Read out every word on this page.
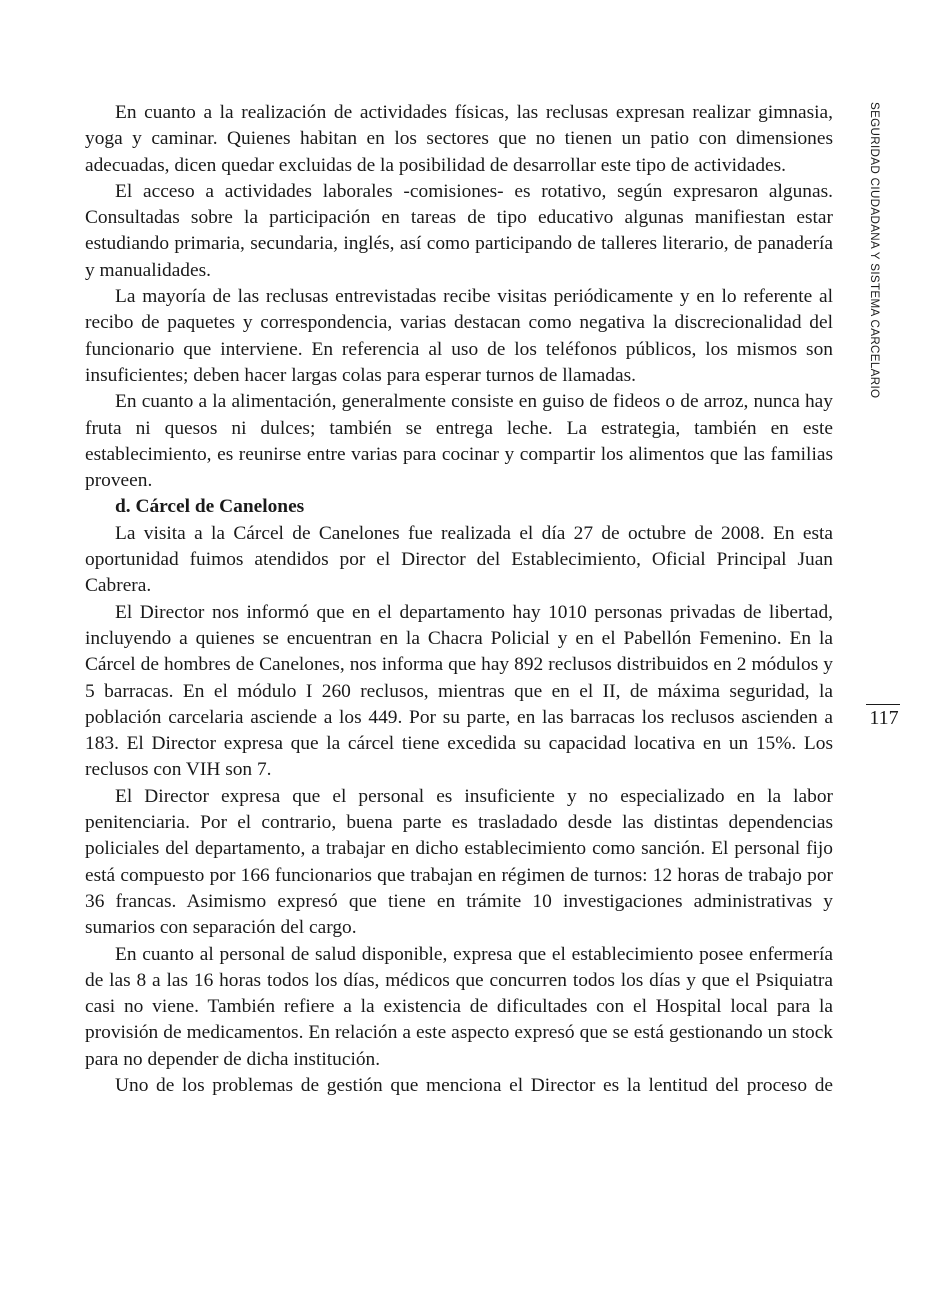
En cuanto a la realización de actividades físicas, las reclusas expresan realizar gimnasia, yoga y caminar. Quienes habitan en los sectores que no tienen un patio con dimensiones adecuadas, dicen quedar excluidas de la posibilidad de desarrollar este tipo de actividades.

El acceso a actividades laborales -comisiones- es rotativo, según expresaron algunas. Consultadas sobre la participación en tareas de tipo educativo algunas manifiestan estar estudiando primaria, secundaria, inglés, así como participando de talleres literario, de panadería y manualidades.

La mayoría de las reclusas entrevistadas recibe visitas periódicamente y en lo referente al recibo de paquetes y correspondencia, varias destacan como negativa la discrecionalidad del funcionario que interviene. En referencia al uso de los teléfonos públicos, los mismos son insuficientes; deben hacer largas colas para esperar turnos de llamadas.

En cuanto a la alimentación, generalmente consiste en guiso de fideos o de arroz, nunca hay fruta ni quesos ni dulces; también se entrega leche. La estrategia, también en este establecimiento, es reunirse entre varias para cocinar y compartir los alimentos que las familias proveen.

d. Cárcel de Canelones

La visita a la Cárcel de Canelones fue realizada el día 27 de octubre de 2008. En esta oportunidad fuimos atendidos por el Director del Establecimiento, Oficial Principal Juan Cabrera.

El Director nos informó que en el departamento hay 1010 personas privadas de libertad, incluyendo a quienes se encuentran en la Chacra Policial y en el Pabellón Femenino. En la Cárcel de hombres de Canelones, nos informa que hay 892 reclusos distribuidos en 2 módulos y 5 barracas. En el módulo I 260 reclusos, mientras que en el II, de máxima seguridad, la población carcelaria asciende a los 449. Por su parte, en las barracas los reclusos ascienden a 183. El Director expresa que la cárcel tiene excedida su capacidad locativa en un 15%. Los reclusos con VIH son 7.

El Director expresa que el personal es insuficiente y no especializado en la labor penitenciaria. Por el contrario, buena parte es trasladado desde las distintas dependencias policiales del departamento, a trabajar en dicho establecimiento como sanción. El personal fijo está compuesto por 166 funcionarios que trabajan en régimen de turnos: 12 horas de trabajo por 36 francas. Asimismo expresó que tiene en trámite 10 investigaciones administrativas y sumarios con separación del cargo.

En cuanto al personal de salud disponible, expresa que el establecimiento posee enfermería de las 8 a las 16 horas todos los días, médicos que concurren todos los días y que el Psiquiatra casi no viene. También refiere a la existencia de dificultades con el Hospital local para la provisión de medicamentos. En relación a este aspecto expresó que se está gestionando un stock para no depender de dicha institución.

Uno de los problemas de gestión que menciona el Director es la lentitud del proceso de

SEGURIDAD CIUDADANA Y SISTEMA CARCELARIO
117
